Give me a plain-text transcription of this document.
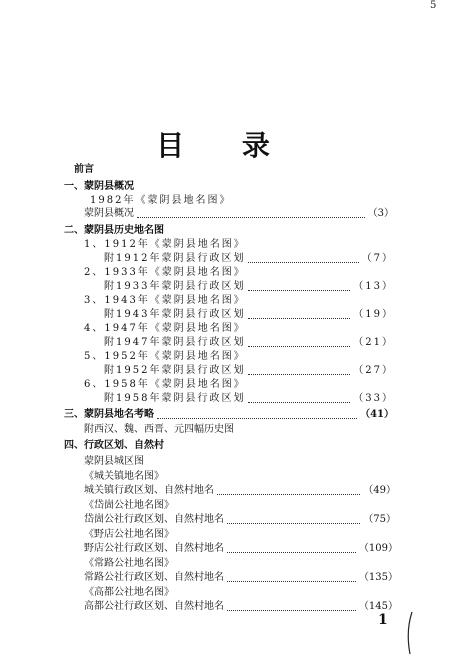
5
目 录
前言
一、蒙阴县概况
1982年《蒙阴县地名图》
蒙阴县概况	（3）
二、蒙阴县历史地名图
1、1912年《蒙阴县地名图》
附1912年蒙阴县行政区划	（7）
2、1933年《蒙阴县地名图》
附1933年蒙阴县行政区划	（13）
3、1943年《蒙阴县地名图》
附1943年蒙阴县行政区划	（19）
4、1947年《蒙阴县地名图》
附1947年蒙阴县行政区划	（21）
5、1952年《蒙阴县地名图》
附1952年蒙阴县行政区划	（27）
6、1958年《蒙阴县地名图》
附1958年蒙阴县行政区划	（33）
三、蒙阴县地名考略	（41）
附西汉、魏、西晋、元四幅历史图
四、行政区划、自然村
蒙阴县城区图
《城关镇地名图》
城关镇行政区划、自然村地名	（49）
《岱崮公社地名图》
岱崮公社行政区划、自然村地名	（75）
《野店公社地名图》
野店公社行政区划、自然村地名	（109）
《常路公社地名图》
常路公社行政区划、自然村地名	（135）
《高都公社地名图》
高都公社行政区划、自然村地名	（145）
1
